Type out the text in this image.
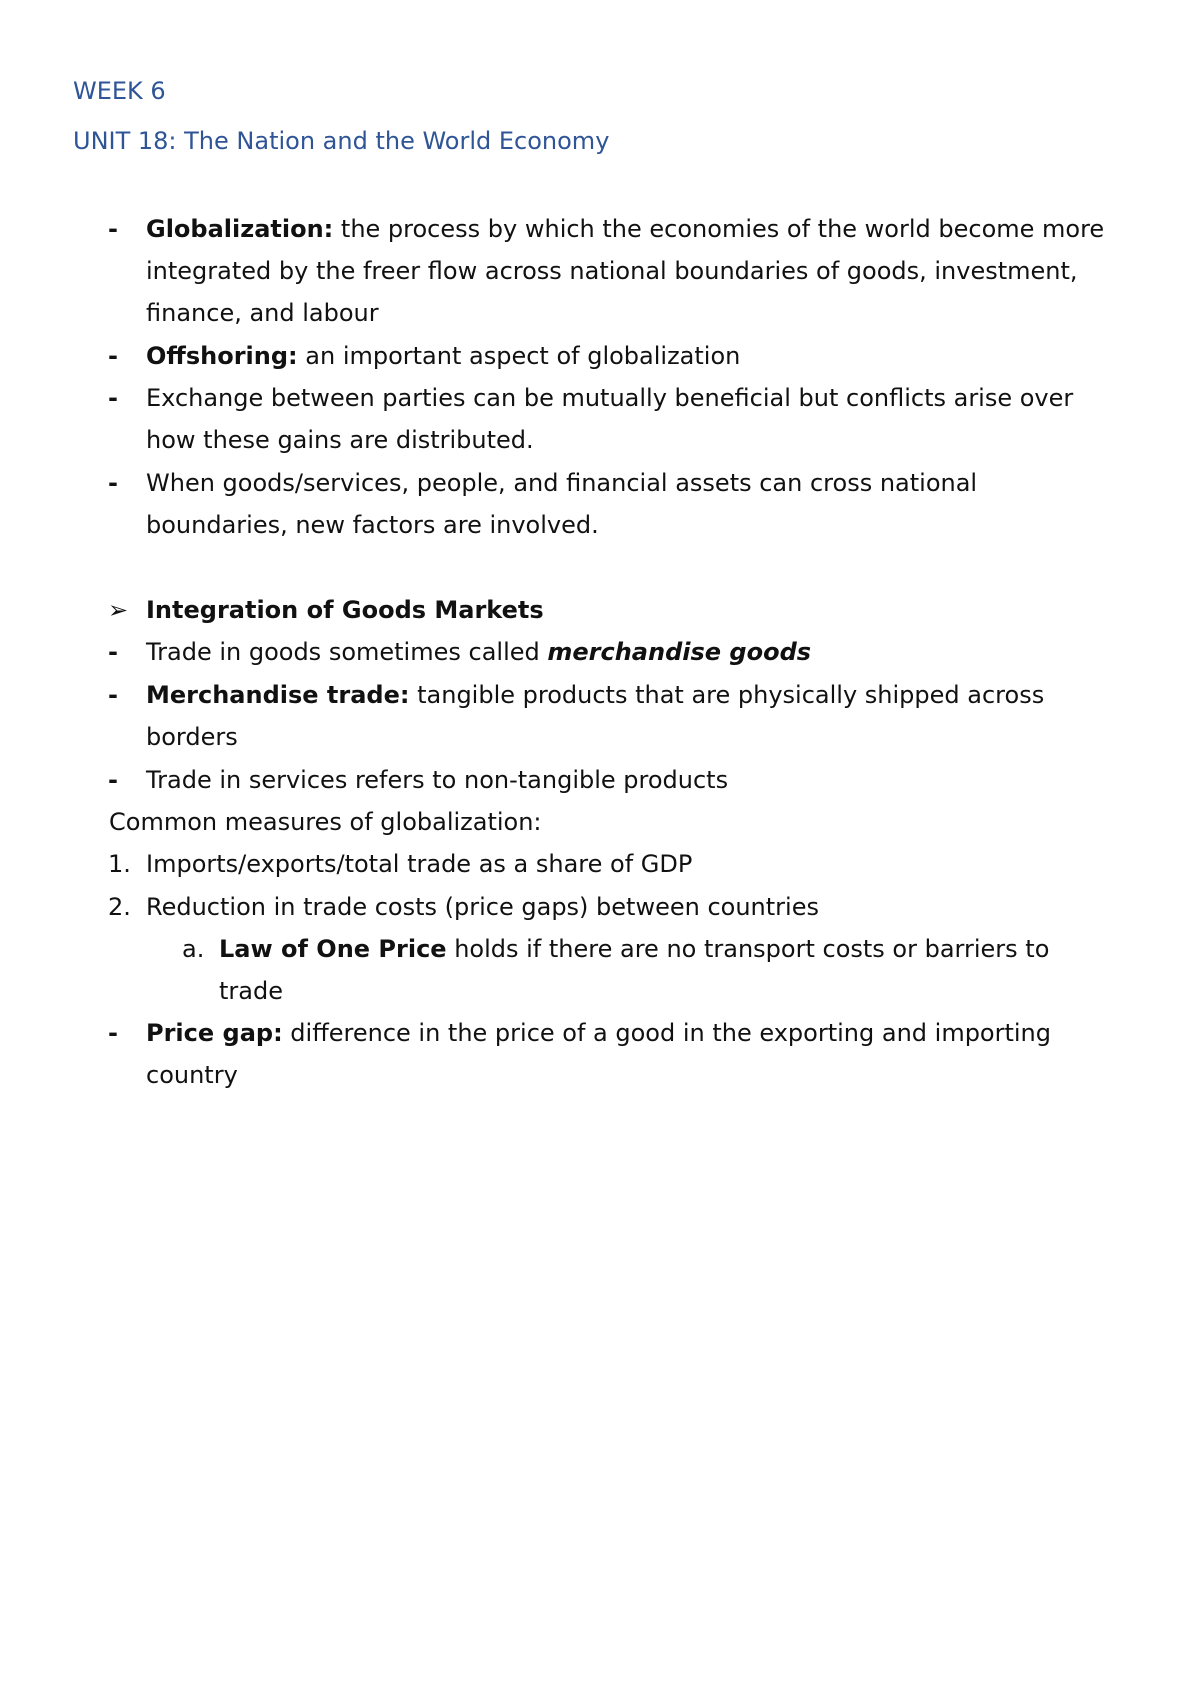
WEEK 6
UNIT 18: The Nation and the World Economy
- Globalization: the process by which the economies of the world become more

integrated by the freer flow across national boundaries of goods, investment,

finance, and labour

- Offshoring: an important aspect of globalization

- Exchange between parties can be mutually beneficial but conflicts arise over

how these gains are distributed.

- When goods/services, people, and financial assets can cross national

boundaries, new factors are involved.

➢ Integration of Goods Markets

- Trade in goods sometimes called merchandise goods

- Merchandise trade: tangible products that are physically shipped across

borders

- Trade in services refers to non-tangible products

Common measures of globalization:

1. Imports/exports/total trade as a share of GDP

2. Reduction in trade costs (price gaps) between countries

a. Law of One Price holds if there are no transport costs or barriers to

trade

- Price gap: difference in the price of a good in the exporting and importing

country
